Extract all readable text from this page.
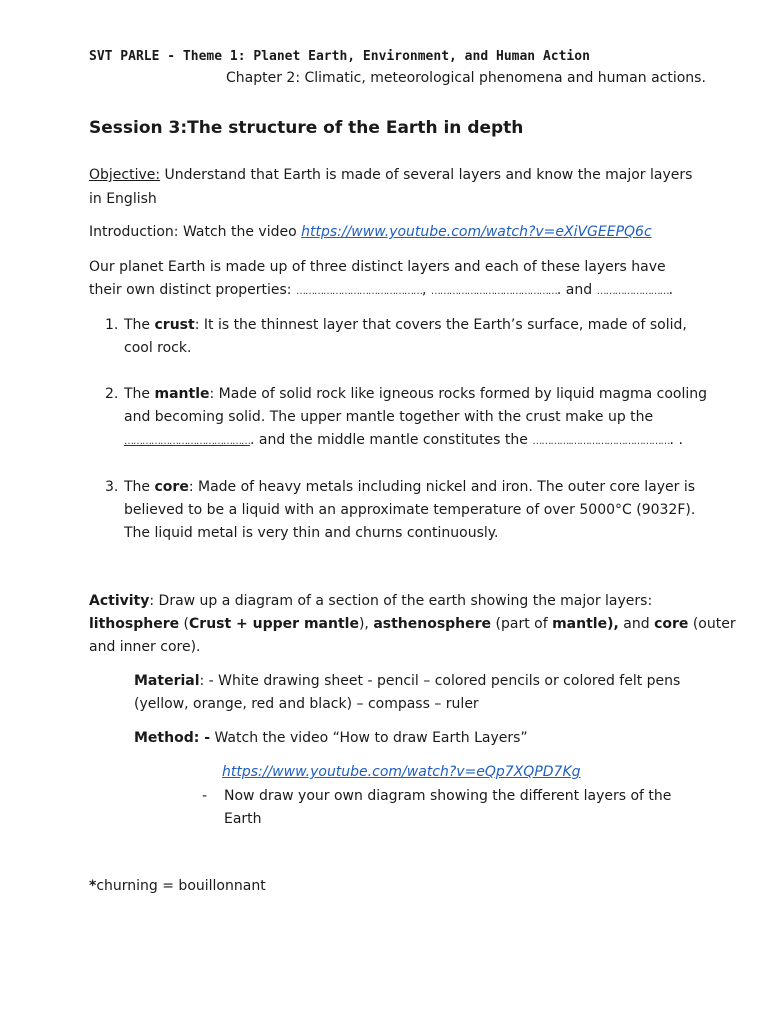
SVT PARLE - Theme 1: Planet Earth, Environment, and Human Action
Chapter 2: Climatic, meteorological phenomena and human actions.
Session 3:The structure of the Earth in depth
Objective: Understand that Earth is made of several layers and know the major layers
in English
Introduction: Watch the video https://www.youtube.com/watch?v=eXiVGEEPQ6c
Our planet Earth is made up of three distinct layers and each of these layers have
their own distinct properties: ……………………………………, ……………………………………. and …………………….
1. The crust: It is the thinnest layer that covers the Earth’s surface, made of solid,
cool rock.
2. The mantle: Made of solid rock like igneous rocks formed by liquid magma cooling
and becoming solid. The upper mantle together with the crust make up the
……………………………………. and the middle mantle constitutes the ………….……………………………. .
3. The core: Made of heavy metals including nickel and iron. The outer core layer is
believed to be a liquid with an approximate temperature of over 5000°C (9032F).
The liquid metal is very thin and churns continuously.
Activity: Draw up a diagram of a section of the earth showing the major layers:
lithosphere (Crust + upper mantle), asthenosphere (part of mantle), and core (outer
and inner core).
Material: - White drawing sheet - pencil – colored pencils or colored felt pens
(yellow, orange, red and black) – compass – ruler
Method: - Watch the video “How to draw Earth Layers”
https://www.youtube.com/watch?v=eQp7XQPD7Kg
- Now draw your own diagram showing the different layers of the
Earth
*churning = bouillonnant
